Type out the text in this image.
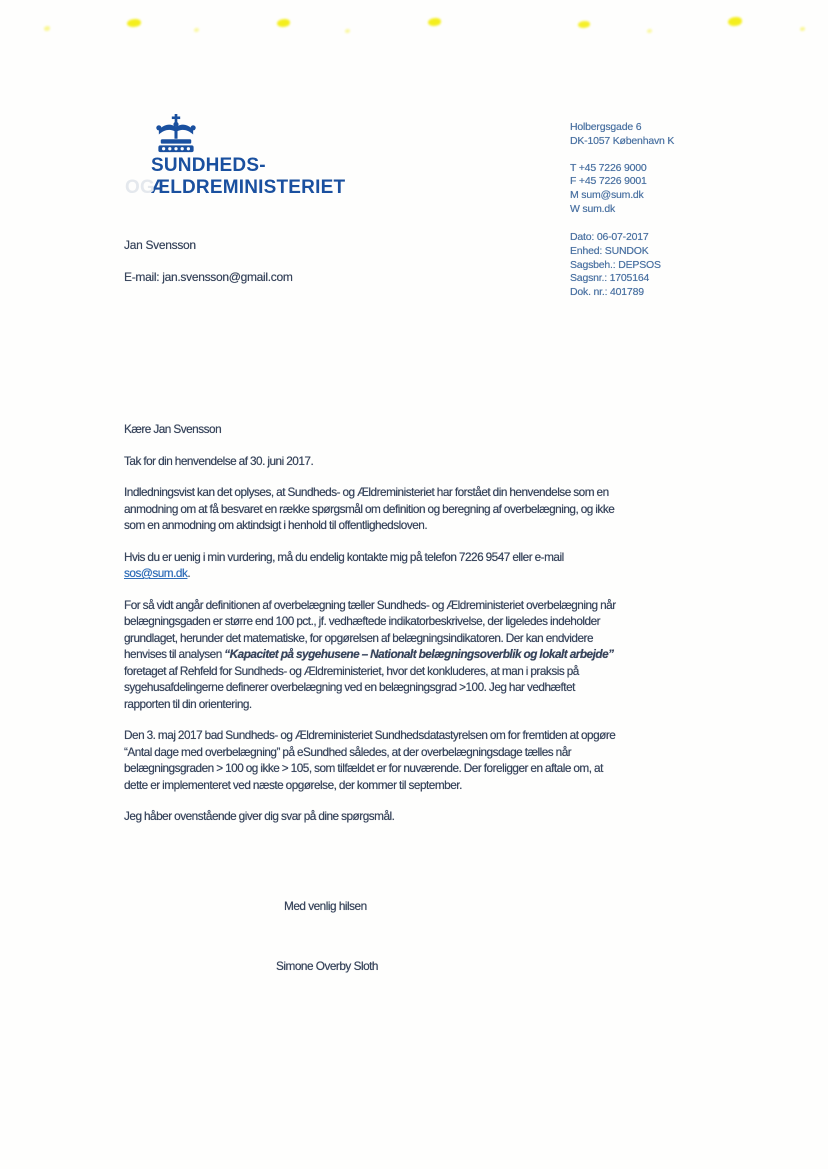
SUNDHEDS-
OG
ÆLDREMINISTERIET
Holbergsgade 6
DK-1057 København K
T +45 7226 9000
F +45 7226 9001
M sum@sum.dk
W sum.dk
Dato: 06-07-2017
Enhed: SUNDOK
Sagsbeh.: DEPSOS
Sagsnr.: 1705164
Dok. nr.: 401789
Jan Svensson
E-mail: jan.svensson@gmail.com

Kære Jan Svensson

Tak for din henvendelse af 30. juni 2017.

Indledningsvist kan det oplyses, at Sundheds- og Ældreministeriet har forstået din henvendelse som en anmodning om at få besvaret en række spørgsmål om definition og beregning af overbelægning, og ikke som en anmodning om aktindsigt i henhold til offentlighedsloven.

Hvis du er uenig i min vurdering, må du endelig kontakte mig på telefon 7226 9547 eller e-mail sos@sum.dk.

For så vidt angår definitionen af overbelægning tæller Sundheds- og Ældreministeriet overbelægning når belægningsgaden er større end 100 pct., jf. vedhæftede indikatorbeskrivelse, der ligeledes indeholder grundlaget, herunder det matematiske, for opgørelsen af belægningsindikatoren. Der kan endvidere henvises til analysen “Kapacitet på sygehusene – Nationalt belægningsoverblik og lokalt arbejde” foretaget af Rehfeld for Sundheds- og Ældreministeriet, hvor det konkluderes, at man i praksis på sygehusafdelingerne definerer overbelægning ved en belægningsgrad >100. Jeg har vedhæftet rapporten til din orientering.

Den 3. maj 2017 bad Sundheds- og Ældreministeriet Sundhedsdatastyrelsen om for fremtiden at opgøre “Antal dage med overbelægning” på eSundhed således, at der overbelægningsdage tælles når belægningsgraden > 100 og ikke > 105, som tilfældet er for nuværende. Der foreligger en aftale om, at dette er implementeret ved næste opgørelse, der kommer til september.

Jeg håber ovenstående giver dig svar på dine spørgsmål.

Med venlig hilsen
Simone Overby Sloth
